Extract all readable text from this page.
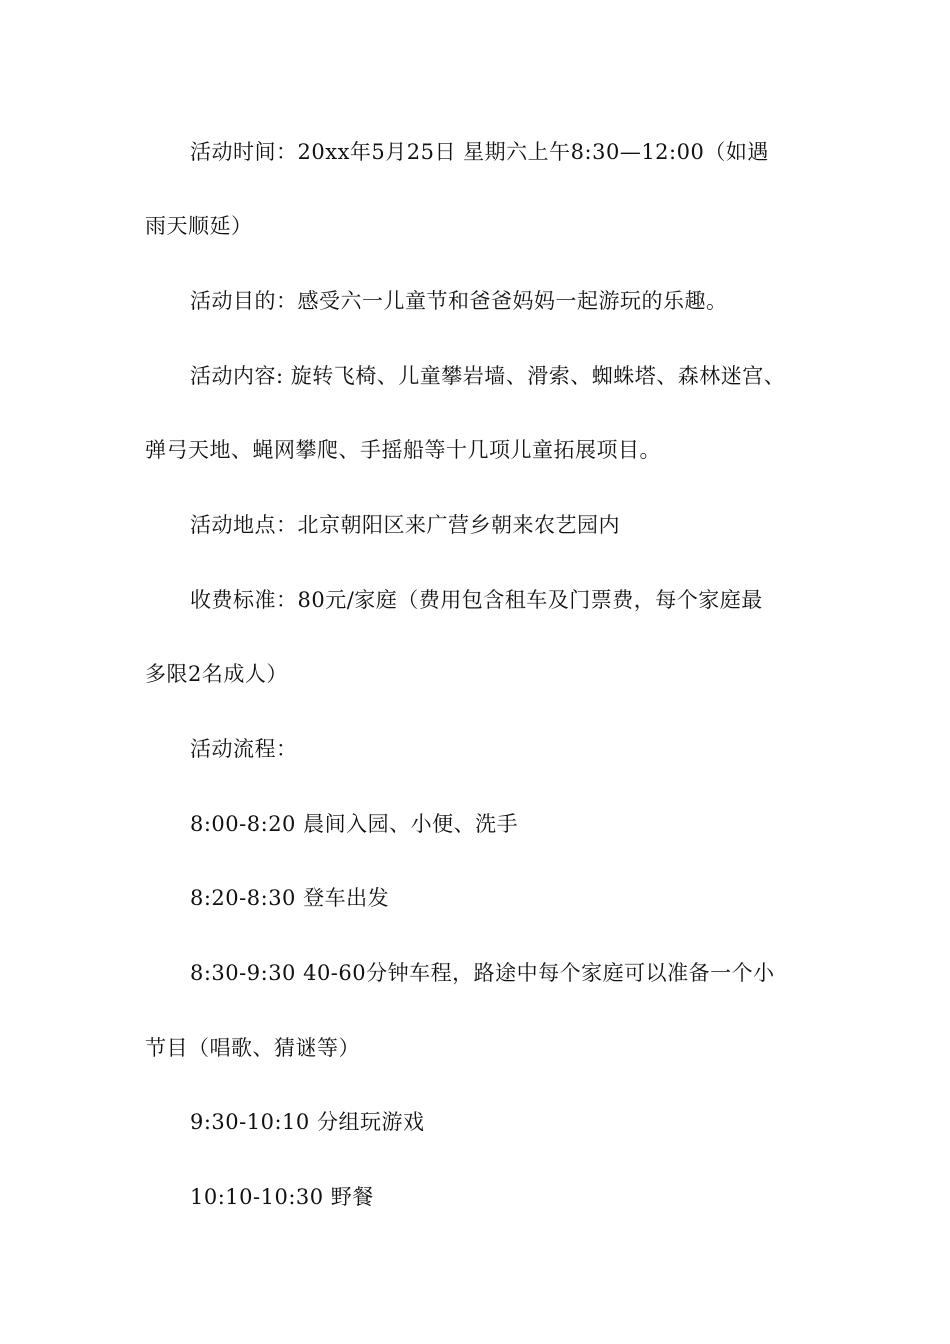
活动时间：20xx年5月25日 星期六上午8:30—12:00（如遇
雨天顺延）
活动目的：感受六一儿童节和爸爸妈妈一起游玩的乐趣。
活动内容: 旋转飞椅、儿童攀岩墙、滑索、蜘蛛塔、森林迷宫、
弹弓天地、蝇网攀爬、手摇船等十几项儿童拓展项目。
活动地点：北京朝阳区来广营乡朝来农艺园内
收费标准：80元/家庭（费用包含租车及门票费，每个家庭最
多限2名成人）
活动流程：
8:00-8:20 晨间入园、小便、洗手
8:20-8:30 登车出发
8:30-9:30 40-60分钟车程，路途中每个家庭可以准备一个小
节目（唱歌、猜谜等）
9:30-10:10 分组玩游戏
10:10-10:30 野餐
